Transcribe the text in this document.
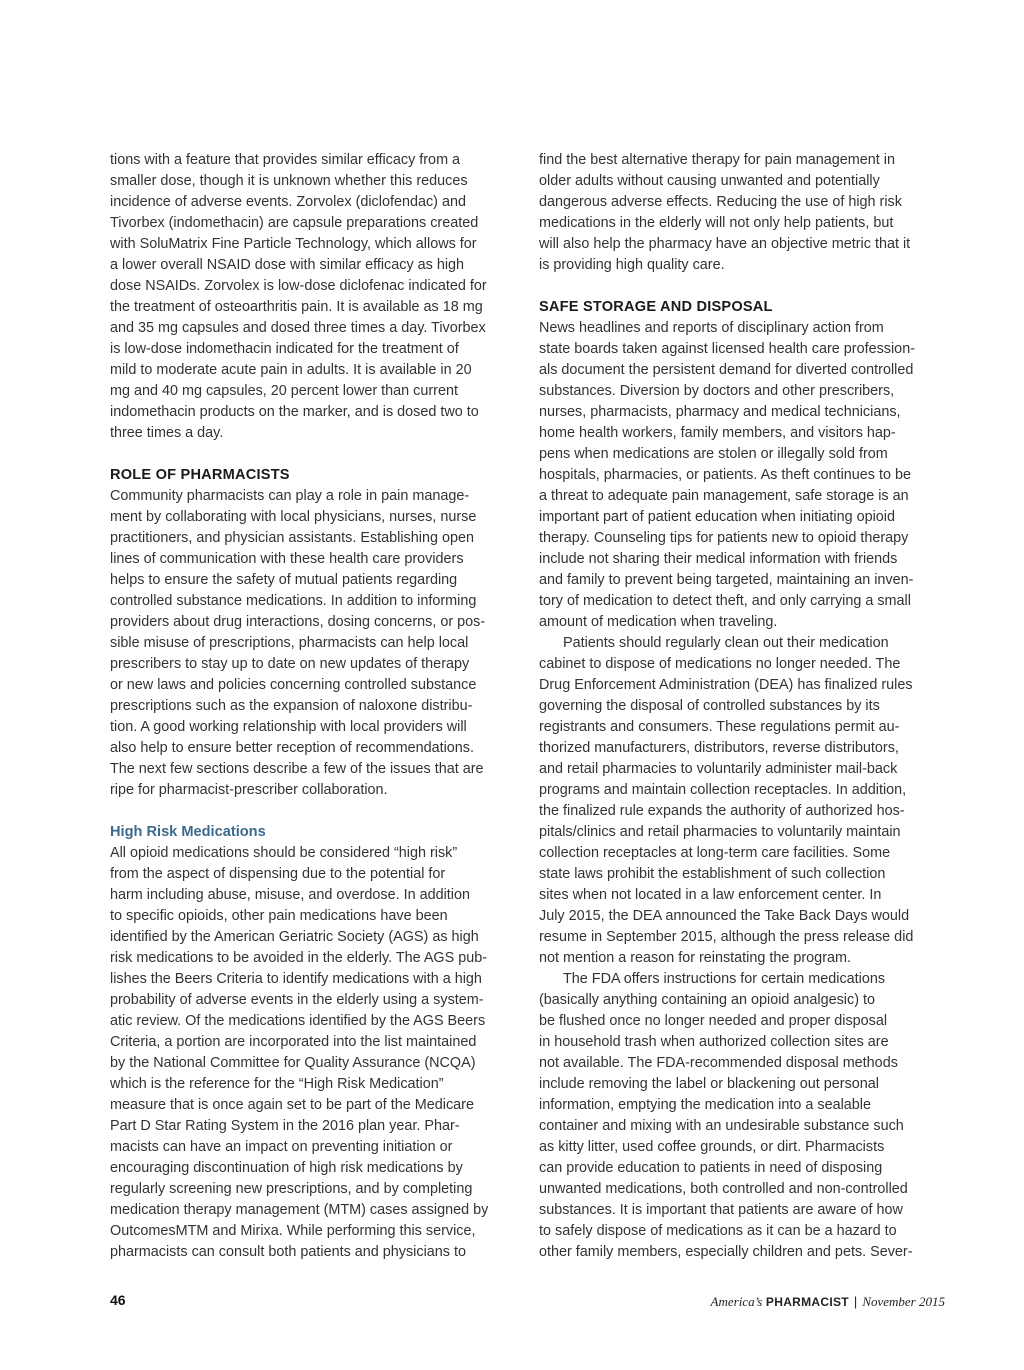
tions with a feature that provides similar efficacy from a
smaller dose, though it is unknown whether this reduces
incidence of adverse events. Zorvolex (diclofendac) and
Tivorbex (indomethacin) are capsule preparations created
with SoluMatrix Fine Particle Technology, which allows for
a lower overall NSAID dose with similar efficacy as high
dose NSAIDs. Zorvolex is low-dose diclofenac indicated for
the treatment of osteoarthritis pain. It is available as 18 mg
and 35 mg capsules and dosed three times a day. Tivorbex
is low-dose indomethacin indicated for the treatment of
mild to moderate acute pain in adults. It is available in 20
mg and 40 mg capsules, 20 percent lower than current
indomethacin products on the marker, and is dosed two to
three times a day.

ROLE OF PHARMACISTS

Community pharmacists can play a role in pain manage-
ment by collaborating with local physicians, nurses, nurse
practitioners, and physician assistants. Establishing open
lines of communication with these health care providers
helps to ensure the safety of mutual patients regarding
controlled substance medications. In addition to informing
providers about drug interactions, dosing concerns, or pos-
sible misuse of prescriptions, pharmacists can help local
prescribers to stay up to date on new updates of therapy
or new laws and policies concerning controlled substance
prescriptions such as the expansion of naloxone distribu-
tion. A good working relationship with local providers will
also help to ensure better reception of recommendations.
The next few sections describe a few of the issues that are
ripe for pharmacist-prescriber collaboration.

High Risk Medications

All opioid medications should be considered “high risk”
from the aspect of dispensing due to the potential for
harm including abuse, misuse, and overdose. In addition
to specific opioids, other pain medications have been
identified by the American Geriatric Society (AGS) as high
risk medications to be avoided in the elderly. The AGS pub-
lishes the Beers Criteria to identify medications with a high
probability of adverse events in the elderly using a system-
atic review. Of the medications identified by the AGS Beers
Criteria, a portion are incorporated into the list maintained
by the National Committee for Quality Assurance (NCQA)
which is the reference for the “High Risk Medication”
measure that is once again set to be part of the Medicare
Part D Star Rating System in the 2016 plan year. Phar-
macists can have an impact on preventing initiation or
encouraging discontinuation of high risk medications by
regularly screening new prescriptions, and by completing
medication therapy management (MTM) cases assigned by
OutcomesMTM and Mirixa. While performing this service,
pharmacists can consult both patients and physicians to

find the best alternative therapy for pain management in
older adults without causing unwanted and potentially
dangerous adverse effects. Reducing the use of high risk
medications in the elderly will not only help patients, but
will also help the pharmacy have an objective metric that it
is providing high quality care.

SAFE STORAGE AND DISPOSAL

News headlines and reports of disciplinary action from
state boards taken against licensed health care profession-
als document the persistent demand for diverted controlled
substances. Diversion by doctors and other prescribers,
nurses, pharmacists, pharmacy and medical technicians,
home health workers, family members, and visitors hap-
pens when medications are stolen or illegally sold from
hospitals, pharmacies, or patients. As theft continues to be
a threat to adequate pain management, safe storage is an
important part of patient education when initiating opioid
therapy. Counseling tips for patients new to opioid therapy
include not sharing their medical information with friends
and family to prevent being targeted, maintaining an inven-
tory of medication to detect theft, and only carrying a small
amount of medication when traveling.

Patients should regularly clean out their medication
cabinet to dispose of medications no longer needed. The
Drug Enforcement Administration (DEA) has finalized rules
governing the disposal of controlled substances by its
registrants and consumers. These regulations permit au-
thorized manufacturers, distributors, reverse distributors,
and retail pharmacies to voluntarily administer mail-back
programs and maintain collection receptacles. In addition,
the finalized rule expands the authority of authorized hos-
pitals/clinics and retail pharmacies to voluntarily maintain
collection receptacles at long-term care facilities. Some
state laws prohibit the establishment of such collection
sites when not located in a law enforcement center. In
July 2015, the DEA announced the Take Back Days would
resume in September 2015, although the press release did
not mention a reason for reinstating the program.

The FDA offers instructions for certain medications
(basically anything containing an opioid analgesic) to
be flushed once no longer needed and proper disposal
in household trash when authorized collection sites are
not available. The FDA-recommended disposal methods
include removing the label or blackening out personal
information, emptying the medication into a sealable
container and mixing with an undesirable substance such
as kitty litter, used coffee grounds, or dirt. Pharmacists
can provide education to patients in need of disposing
unwanted medications, both controlled and non-controlled
substances. It is important that patients are aware of how
to safely dispose of medications as it can be a hazard to
other family members, especially children and pets. Sever-

46	America’s PHARMACIST | November 2015
